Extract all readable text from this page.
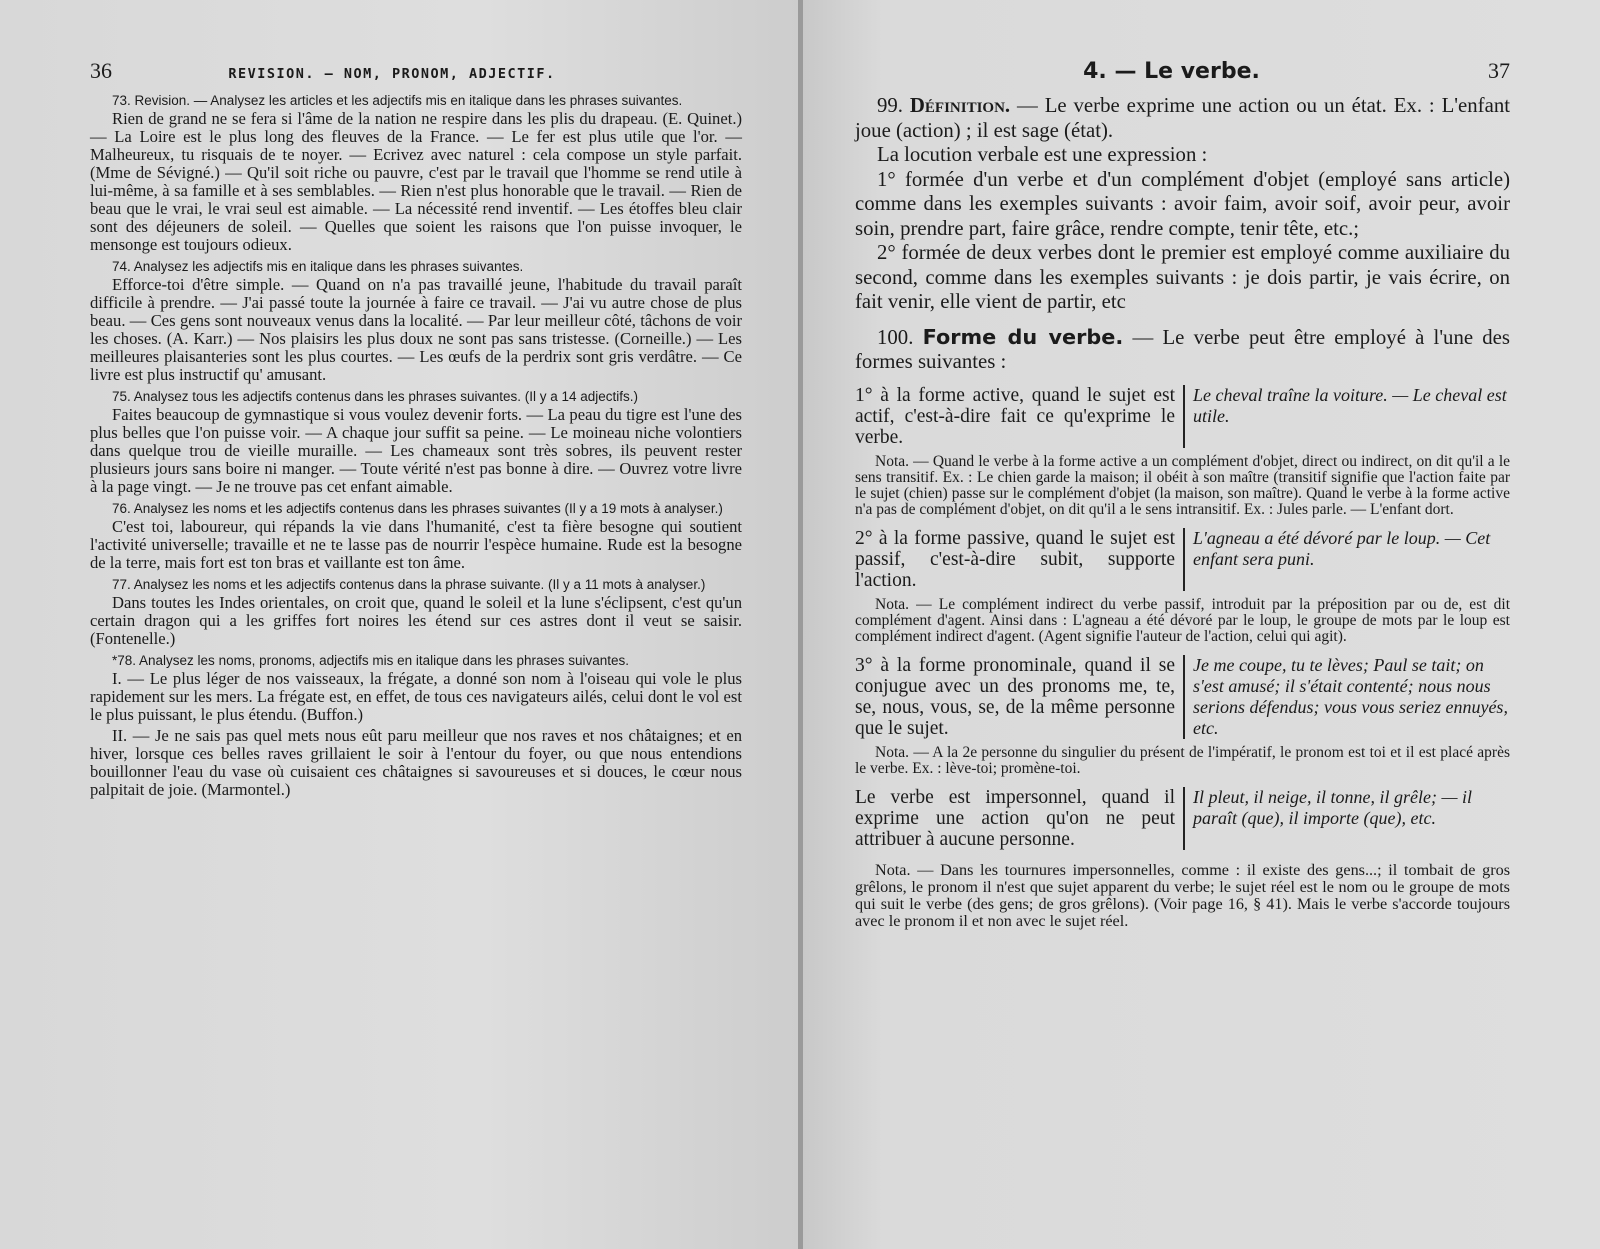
36	REVISION. — NOM, PRONOM, ADJECTIF.

73. Revision. — Analysez les articles et les adjectifs mis en italique dans les phrases suivantes.

Rien de grand ne se fera si l'âme de la nation ne respire dans les plis du drapeau. (E. Quinet.) — La Loire est le plus long des fleuves de la France. — Le fer est plus utile que l'or. — Malheureux, tu risquais de te noyer. — Ecrivez avec naturel : cela compose un style parfait. (Mme de Sévigné.) — Qu'il soit riche ou pauvre, c'est par le travail que l'homme se rend utile à lui-même, à sa famille et à ses semblables. — Rien n'est plus honorable que le travail. — Rien de beau que le vrai, le vrai seul est aimable. — La nécessité rend inventif. — Les étoffes bleu clair sont des déjeuners de soleil. — Quelles que soient les raisons que l'on puisse invoquer, le mensonge est toujours odieux.

74. Analysez les adjectifs mis en italique dans les phrases suivantes.

Efforce-toi d'être simple. — Quand on n'a pas travaillé jeune, l'habitude du travail paraît difficile à prendre. — J'ai passé toute la journée à faire ce travail. — J'ai vu autre chose de plus beau. — Ces gens sont nouveaux venus dans la localité. — Par leur meilleur côté, tâchons de voir les choses. (A. Karr.) — Nos plaisirs les plus doux ne sont pas sans tristesse. (Corneille.) — Les meilleures plaisanteries sont les plus courtes. — Les œufs de la perdrix sont gris verdâtre. — Ce livre est plus instructif qu' amusant.

75. Analysez tous les adjectifs contenus dans les phrases suivantes. (Il y a 14 adjectifs.)

Faites beaucoup de gymnastique si vous voulez devenir forts. — La peau du tigre est l'une des plus belles que l'on puisse voir. — A chaque jour suffit sa peine. — Le moineau niche volontiers dans quelque trou de vieille muraille. — Les chameaux sont très sobres, ils peuvent rester plusieurs jours sans boire ni manger. — Toute vérité n'est pas bonne à dire. — Ouvrez votre livre à la page vingt. — Je ne trouve pas cet enfant aimable.

76. Analysez les noms et les adjectifs contenus dans les phrases suivantes (Il y a 19 mots à analyser.)

C'est toi, laboureur, qui répands la vie dans l'humanité, c'est ta fière besogne qui soutient l'activité universelle; travaille et ne te lasse pas de nourrir l'espèce humaine. Rude est la besogne de la terre, mais fort est ton bras et vaillante est ton âme.

77. Analysez les noms et les adjectifs contenus dans la phrase suivante. (Il y a 11 mots à analyser.)

Dans toutes les Indes orientales, on croit que, quand le soleil et la lune s'éclipsent, c'est qu'un certain dragon qui a les griffes fort noires les étend sur ces astres dont il veut se saisir. (Fontenelle.)

*78. Analysez les noms, pronoms, adjectifs mis en italique dans les phrases suivantes.

I. — Le plus léger de nos vaisseaux, la frégate, a donné son nom à l'oiseau qui vole le plus rapidement sur les mers. La frégate est, en effet, de tous ces navigateurs ailés, celui dont le vol est le plus puissant, le plus étendu. (Buffon.)

II. — Je ne sais pas quel mets nous eût paru meilleur que nos raves et nos châtaignes; et en hiver, lorsque ces belles raves grillaient le soir à l'entour du foyer, ou que nous entendions bouillonner l'eau du vase où cuisaient ces châtaignes si savoureuses et si douces, le cœur nous palpitait de joie. (Marmontel.)

4. — Le verbe.	37

99. Définition. — Le verbe exprime une action ou un état. Ex. : L'enfant joue (action) ; il est sage (état).

La locution verbale est une expression :

1° formée d'un verbe et d'un complément d'objet (employé sans article) comme dans les exemples suivants : avoir faim, avoir soif, avoir peur, avoir soin, prendre part, faire grâce, rendre compte, tenir tête, etc.;

2° formée de deux verbes dont le premier est employé comme auxiliaire du second, comme dans les exemples suivants : je dois partir, je vais écrire, on fait venir, elle vient de partir, etc

100. Forme du verbe. — Le verbe peut être employé à l'une des formes suivantes :

1° à la forme active, quand le sujet est actif, c'est-à-dire fait ce qu'exprime le verbe.
Le cheval traîne la voiture. — Le cheval est utile.

Nota. — Quand le verbe à la forme active a un complément d'objet, direct ou indirect, on dit qu'il a le sens transitif. Ex. : Le chien garde la maison; il obéit à son maître (transitif signifie que l'action faite par le sujet (chien) passe sur le complément d'objet (la maison, son maître). Quand le verbe à la forme active n'a pas de complément d'objet, on dit qu'il a le sens intransitif. Ex. : Jules parle. — L'enfant dort.

2° à la forme passive, quand le sujet est passif, c'est-à-dire subit, supporte l'action.
L'agneau a été dévoré par le loup. — Cet enfant sera puni.

Nota. — Le complément indirect du verbe passif, introduit par la préposition par ou de, est dit complément d'agent. Ainsi dans : L'agneau a été dévoré par le loup, le groupe de mots par le loup est complément indirect d'agent. (Agent signifie l'auteur de l'action, celui qui agit).

3° à la forme pronominale, quand il se conjugue avec un des pronoms me, te, se, nous, vous, se, de la même personne que le sujet.
Je me coupe, tu te lèves; Paul se tait; on s'est amusé; il s'était contenté; nous nous serions défendus; vous vous seriez ennuyés, etc.

Nota. — A la 2e personne du singulier du présent de l'impératif, le pronom est toi et il est placé après le verbe. Ex. : lève-toi; promène-toi.

Le verbe est impersonnel, quand il exprime une action qu'on ne peut attribuer à aucune personne.
Il pleut, il neige, il tonne, il grêle; — il paraît (que), il importe (que), etc.

Nota. — Dans les tournures impersonnelles, comme : il existe des gens...; il tombait de gros grêlons, le pronom il n'est que sujet apparent du verbe; le sujet réel est le nom ou le groupe de mots qui suit le verbe (des gens; de gros grêlons). (Voir page 16, § 41). Mais le verbe s'accorde toujours avec le pronom il et non avec le sujet réel.
